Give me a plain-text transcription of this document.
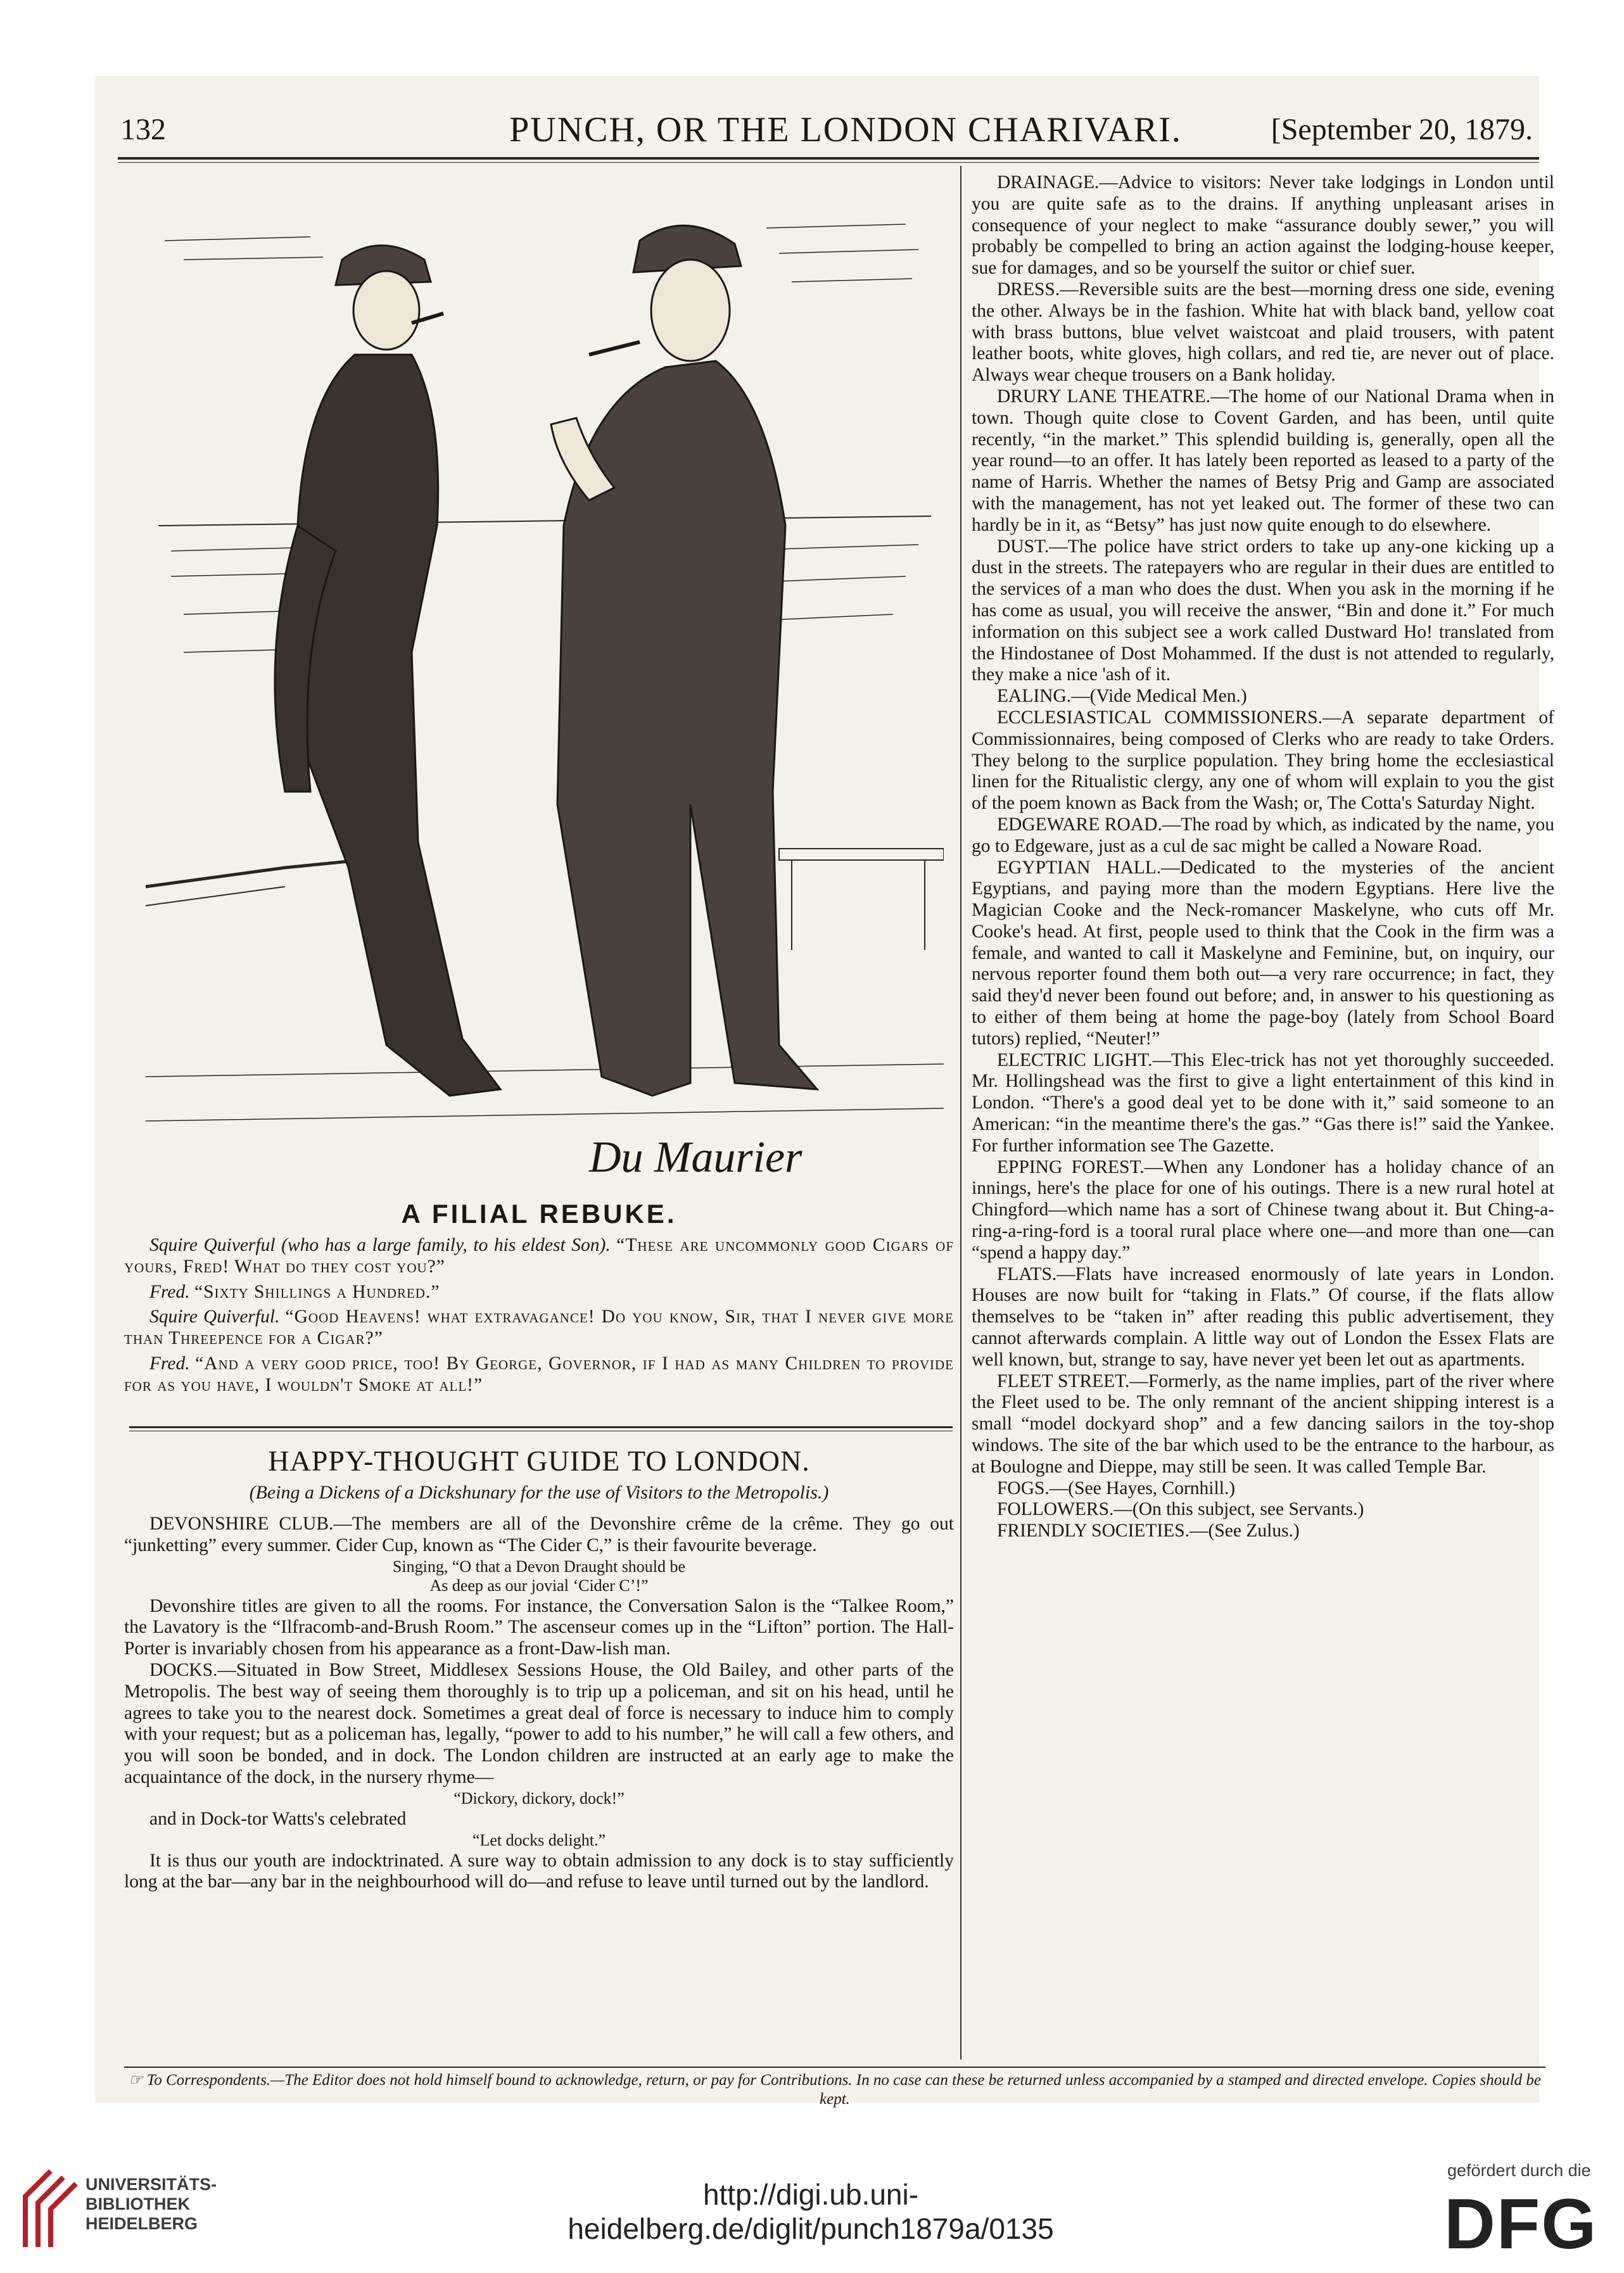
132	PUNCH, OR THE LONDON CHARIVARI.	[September 20, 1879.
Du Maurier
A FILIAL REBUKE.

Squire Quiverful (who has a large family, to his eldest Son). “These are uncommonly good Cigars of yours, Fred! What do they cost you?”

Fred. “Sixty Shillings a Hundred.”

Squire Quiverful. “Good Heavens! what extravagance! Do you know, Sir, that I never give more than Threepence for a Cigar?”

Fred. “And a very good price, too! By George, Governor, if I had as many Children to provide for as you have, I wouldn't Smoke at all!”

HAPPY-THOUGHT GUIDE TO LONDON.
(Being a Dickens of a Dickshunary for the use of Visitors to the Metropolis.)

DEVONSHIRE CLUB.—The members are all of the Devonshire crême de la crême. They go out “junketting” every summer. Cider Cup, known as “The Cider C,” is their favourite beverage.

Singing, “O that a Devon Draught should be

As deep as our jovial ‘Cider C’!”

Devonshire titles are given to all the rooms. For instance, the Conversation Salon is the “Talkee Room,” the Lavatory is the “Ilfracomb-and-Brush Room.” The ascenseur comes up in the “Lifton” portion. The Hall-Porter is invariably chosen from his appearance as a front-Daw-lish man.

DOCKS.—Situated in Bow Street, Middlesex Sessions House, the Old Bailey, and other parts of the Metropolis. The best way of seeing them thoroughly is to trip up a policeman, and sit on his head, until he agrees to take you to the nearest dock. Sometimes a great deal of force is necessary to induce him to comply with your request; but as a policeman has, legally, “power to add to his number,” he will call a few others, and you will soon be bonded, and in dock. The London children are instructed at an early age to make the acquaintance of the dock, in the nursery rhyme—

“Dickory, dickory, dock!”

and in Dock-tor Watts's celebrated

“Let docks delight.”

It is thus our youth are indocktrinated. A sure way to obtain admission to any dock is to stay sufficiently long at the bar—any bar in the neighbourhood will do—and refuse to leave until turned out by the landlord.

DRAINAGE.—Advice to visitors: Never take lodgings in London until you are quite safe as to the drains. If anything unpleasant arises in consequence of your neglect to make “assurance doubly sewer,” you will probably be compelled to bring an action against the lodging-house keeper, sue for damages, and so be yourself the suitor or chief suer.

DRESS.—Reversible suits are the best—morning dress one side, evening the other. Always be in the fashion. White hat with black band, yellow coat with brass buttons, blue velvet waistcoat and plaid trousers, with patent leather boots, white gloves, high collars, and red tie, are never out of place. Always wear cheque trousers on a Bank holiday.

DRURY LANE THEATRE.—The home of our National Drama when in town. Though quite close to Covent Garden, and has been, until quite recently, “in the market.” This splendid building is, generally, open all the year round—to an offer. It has lately been reported as leased to a party of the name of Harris. Whether the names of Betsy Prig and Gamp are associated with the management, has not yet leaked out. The former of these two can hardly be in it, as “Betsy” has just now quite enough to do elsewhere.

DUST.—The police have strict orders to take up any-one kicking up a dust in the streets. The ratepayers who are regular in their dues are entitled to the services of a man who does the dust. When you ask in the morning if he has come as usual, you will receive the answer, “Bin and done it.” For much information on this subject see a work called Dustward Ho! translated from the Hindostanee of Dost Mohammed. If the dust is not attended to regularly, they make a nice 'ash of it.

EALING.—(Vide Medical Men.)

ECCLESIASTICAL COMMISSIONERS.—A separate department of Commissionnaires, being composed of Clerks who are ready to take Orders. They belong to the surplice population. They bring home the ecclesiastical linen for the Ritualistic clergy, any one of whom will explain to you the gist of the poem known as Back from the Wash; or, The Cotta's Saturday Night.

EDGEWARE ROAD.—The road by which, as indicated by the name, you go to Edgeware, just as a cul de sac might be called a Noware Road.

EGYPTIAN HALL.—Dedicated to the mysteries of the ancient Egyptians, and paying more than the modern Egyptians. Here live the Magician Cooke and the Neck-romancer Maskelyne, who cuts off Mr. Cooke's head. At first, people used to think that the Cook in the firm was a female, and wanted to call it Maskelyne and Feminine, but, on inquiry, our nervous reporter found them both out—a very rare occurrence; in fact, they said they'd never been found out before; and, in answer to his questioning as to either of them being at home the page-boy (lately from School Board tutors) replied, “Neuter!”

ELECTRIC LIGHT.—This Elec-trick has not yet thoroughly succeeded. Mr. Hollingshead was the first to give a light entertainment of this kind in London. “There's a good deal yet to be done with it,” said someone to an American: “in the meantime there's the gas.” “Gas there is!” said the Yankee. For further information see The Gazette.

EPPING FOREST.—When any Londoner has a holiday chance of an innings, here's the place for one of his outings. There is a new rural hotel at Chingford—which name has a sort of Chinese twang about it. But Ching-a-ring-a-ring-ford is a tooral rural place where one—and more than one—can “spend a happy day.”

FLATS.—Flats have increased enormously of late years in London. Houses are now built for “taking in Flats.” Of course, if the flats allow themselves to be “taken in” after reading this public advertisement, they cannot afterwards complain. A little way out of London the Essex Flats are well known, but, strange to say, have never yet been let out as apartments.

FLEET STREET.—Formerly, as the name implies, part of the river where the Fleet used to be. The only remnant of the ancient shipping interest is a small “model dockyard shop” and a few dancing sailors in the toy-shop windows. The site of the bar which used to be the entrance to the harbour, as at Boulogne and Dieppe, may still be seen. It was called Temple Bar.

FOGS.—(See Hayes, Cornhill.)

FOLLOWERS.—(On this subject, see Servants.)

FRIENDLY SOCIETIES.—(See Zulus.)

☞ To Correspondents.—The Editor does not hold himself bound to acknowledge, return, or pay for Contributions. In no case can these be returned unless accompanied by a stamped and directed envelope. Copies should be kept.
UNIVERSITÄTS-
BIBLIOTHEK
HEIDELBERG
http://digi.ub.uni-heidelberg.de/diglit/punch1879a/0135
gefördert durch die
DFG
